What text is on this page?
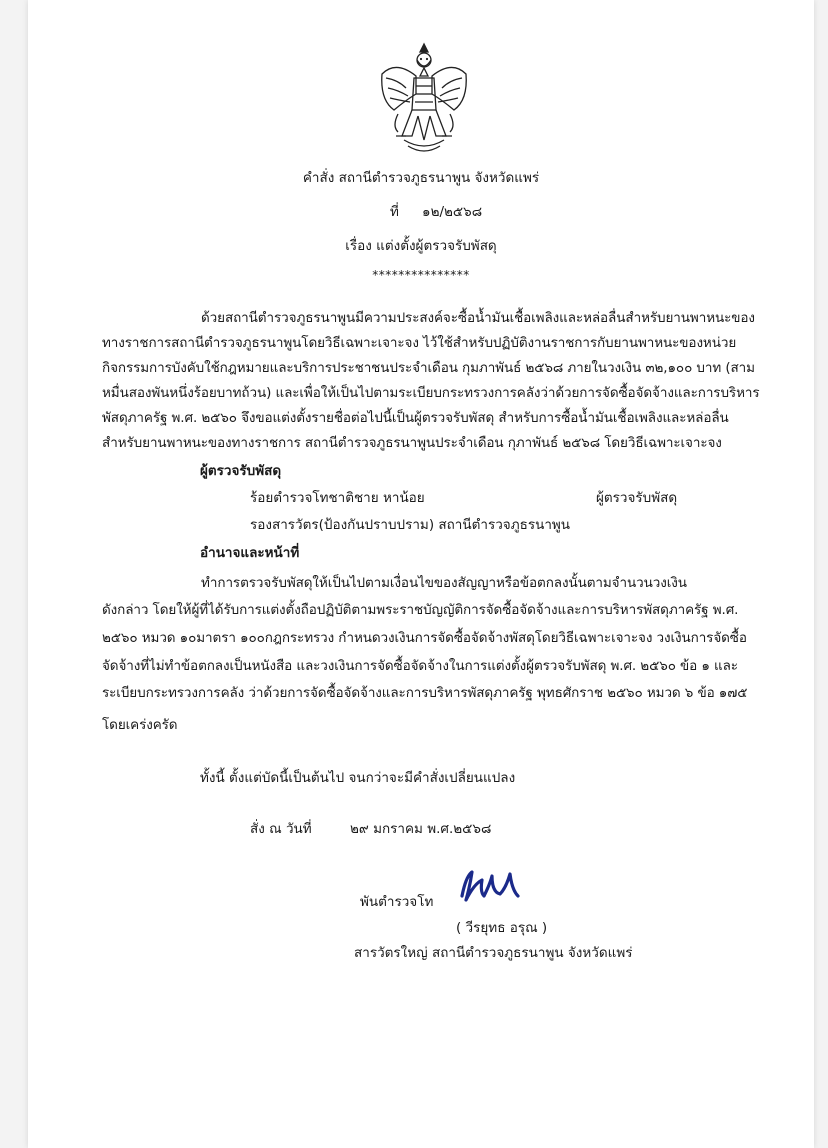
คำสั่ง สถานีตำรวจภูธรนาพูน จังหวัดแพร่
ที่ ๑๒/๒๕๖๘
เรื่อง แต่งตั้งผู้ตรวจรับพัสดุ
***************
ด้วยสถานีตำรวจภูธรนาพูนมีความประสงค์จะซื้อน้ำมันเชื้อเพลิงและหล่อลื่นสำหรับยานพาหนะของ
ทางราชการสถานีตำรวจภูธรนาพูนโดยวิธีเฉพาะเจาะจง ไว้ใช้สำหรับปฏิบัติงานราชการกับยานพาหนะของหน่วย
กิจกรรมการบังคับใช้กฎหมายและบริการประชาชนประจำเดือน กุมภาพันธ์ ๒๕๖๘ ภายในวงเงิน ๓๒,๑๐๐ บาท (สาม
หมื่นสองพันหนึ่งร้อยบาทถ้วน) และเพื่อให้เป็นไปตามระเบียบกระทรวงการคลังว่าด้วยการจัดซื้อจัดจ้างและการบริหาร
พัสดุภาครัฐ พ.ศ. ๒๕๖๐ จึงขอแต่งตั้งรายชื่อต่อไปนี้เป็นผู้ตรวจรับพัสดุ สำหรับการซื้อน้ำมันเชื้อเพลิงและหล่อลื่น
สำหรับยานพาหนะของทางราชการ สถานีตำรวจภูธรนาพูนประจำเดือน กุภาพันธ์ ๒๕๖๘ โดยวิธีเฉพาะเจาะจง
ผู้ตรวจรับพัสดุ
ร้อยตำรวจโทชาติชาย หาน้อย	ผู้ตรวจรับพัสดุ
รองสารวัตร(ป้องกันปราบปราม) สถานีตำรวจภูธรนาพูน
อำนาจและหน้าที่
ทำการตรวจรับพัสดุให้เป็นไปตามเงื่อนไขของสัญญาหรือข้อตกลงนั้นตามจำนวนวงเงิน
ดังกล่าว โดยให้ผู้ที่ได้รับการแต่งตั้งถือปฏิบัติตามพระราชบัญญัติการจัดซื้อจัดจ้างและการบริหารพัสดุภาครัฐ พ.ศ.
๒๕๖๐ หมวด ๑๐มาตรา ๑๐๐กฎกระทรวง กำหนดวงเงินการจัดซื้อจัดจ้างพัสดุโดยวิธีเฉพาะเจาะจง วงเงินการจัดซื้อ
จัดจ้างที่ไม่ทำข้อตกลงเป็นหนังสือ และวงเงินการจัดซื้อจัดจ้างในการแต่งตั้งผู้ตรวจรับพัสดุ พ.ศ. ๒๕๖๐ ข้อ ๑ และ
ระเบียบกระทรวงการคลัง ว่าด้วยการจัดซื้อจัดจ้างและการบริหารพัสดุภาครัฐ พุทธศักราช ๒๕๖๐ หมวด ๖ ข้อ ๑๗๕
โดยเคร่งครัด
ทั้งนี้ ตั้งแต่บัดนี้เป็นต้นไป จนกว่าจะมีคำสั่งเปลี่ยนแปลง
สั่ง ณ วันที่	๒๙ มกราคม พ.ศ.๒๕๖๘
พันตำรวจโท
( วีรยุทธ อรุณ )
สารวัตรใหญ่ สถานีตำรวจภูธรนาพูน จังหวัดแพร่
